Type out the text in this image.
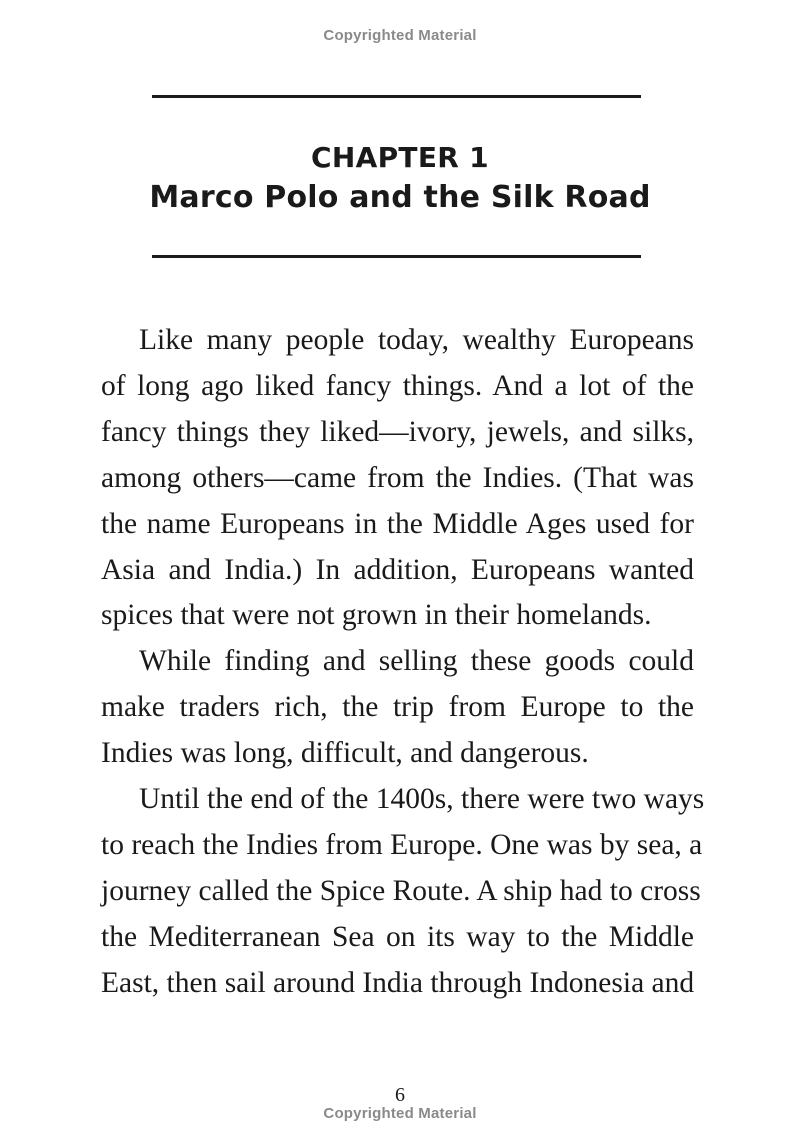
Copyrighted Material
CHAPTER 1
Marco Polo and the Silk Road
Like many people today, wealthy Europeans
of long ago liked fancy things. And a lot of the
fancy things they liked—ivory, jewels, and silks,
among others—came from the Indies. (That was
the name Europeans in the Middle Ages used for
Asia and India.) In addition, Europeans wanted
spices that were not grown in their homelands.
While finding and selling these goods could
make traders rich, the trip from Europe to the
Indies was long, difficult, and dangerous.
Until the end of the 1400s, there were two ways
to reach the Indies from Europe. One was by sea, a
journey called the Spice Route. A ship had to cross
the Mediterranean Sea on its way to the Middle
East, then sail around India through Indonesia and
6
Copyrighted Material
